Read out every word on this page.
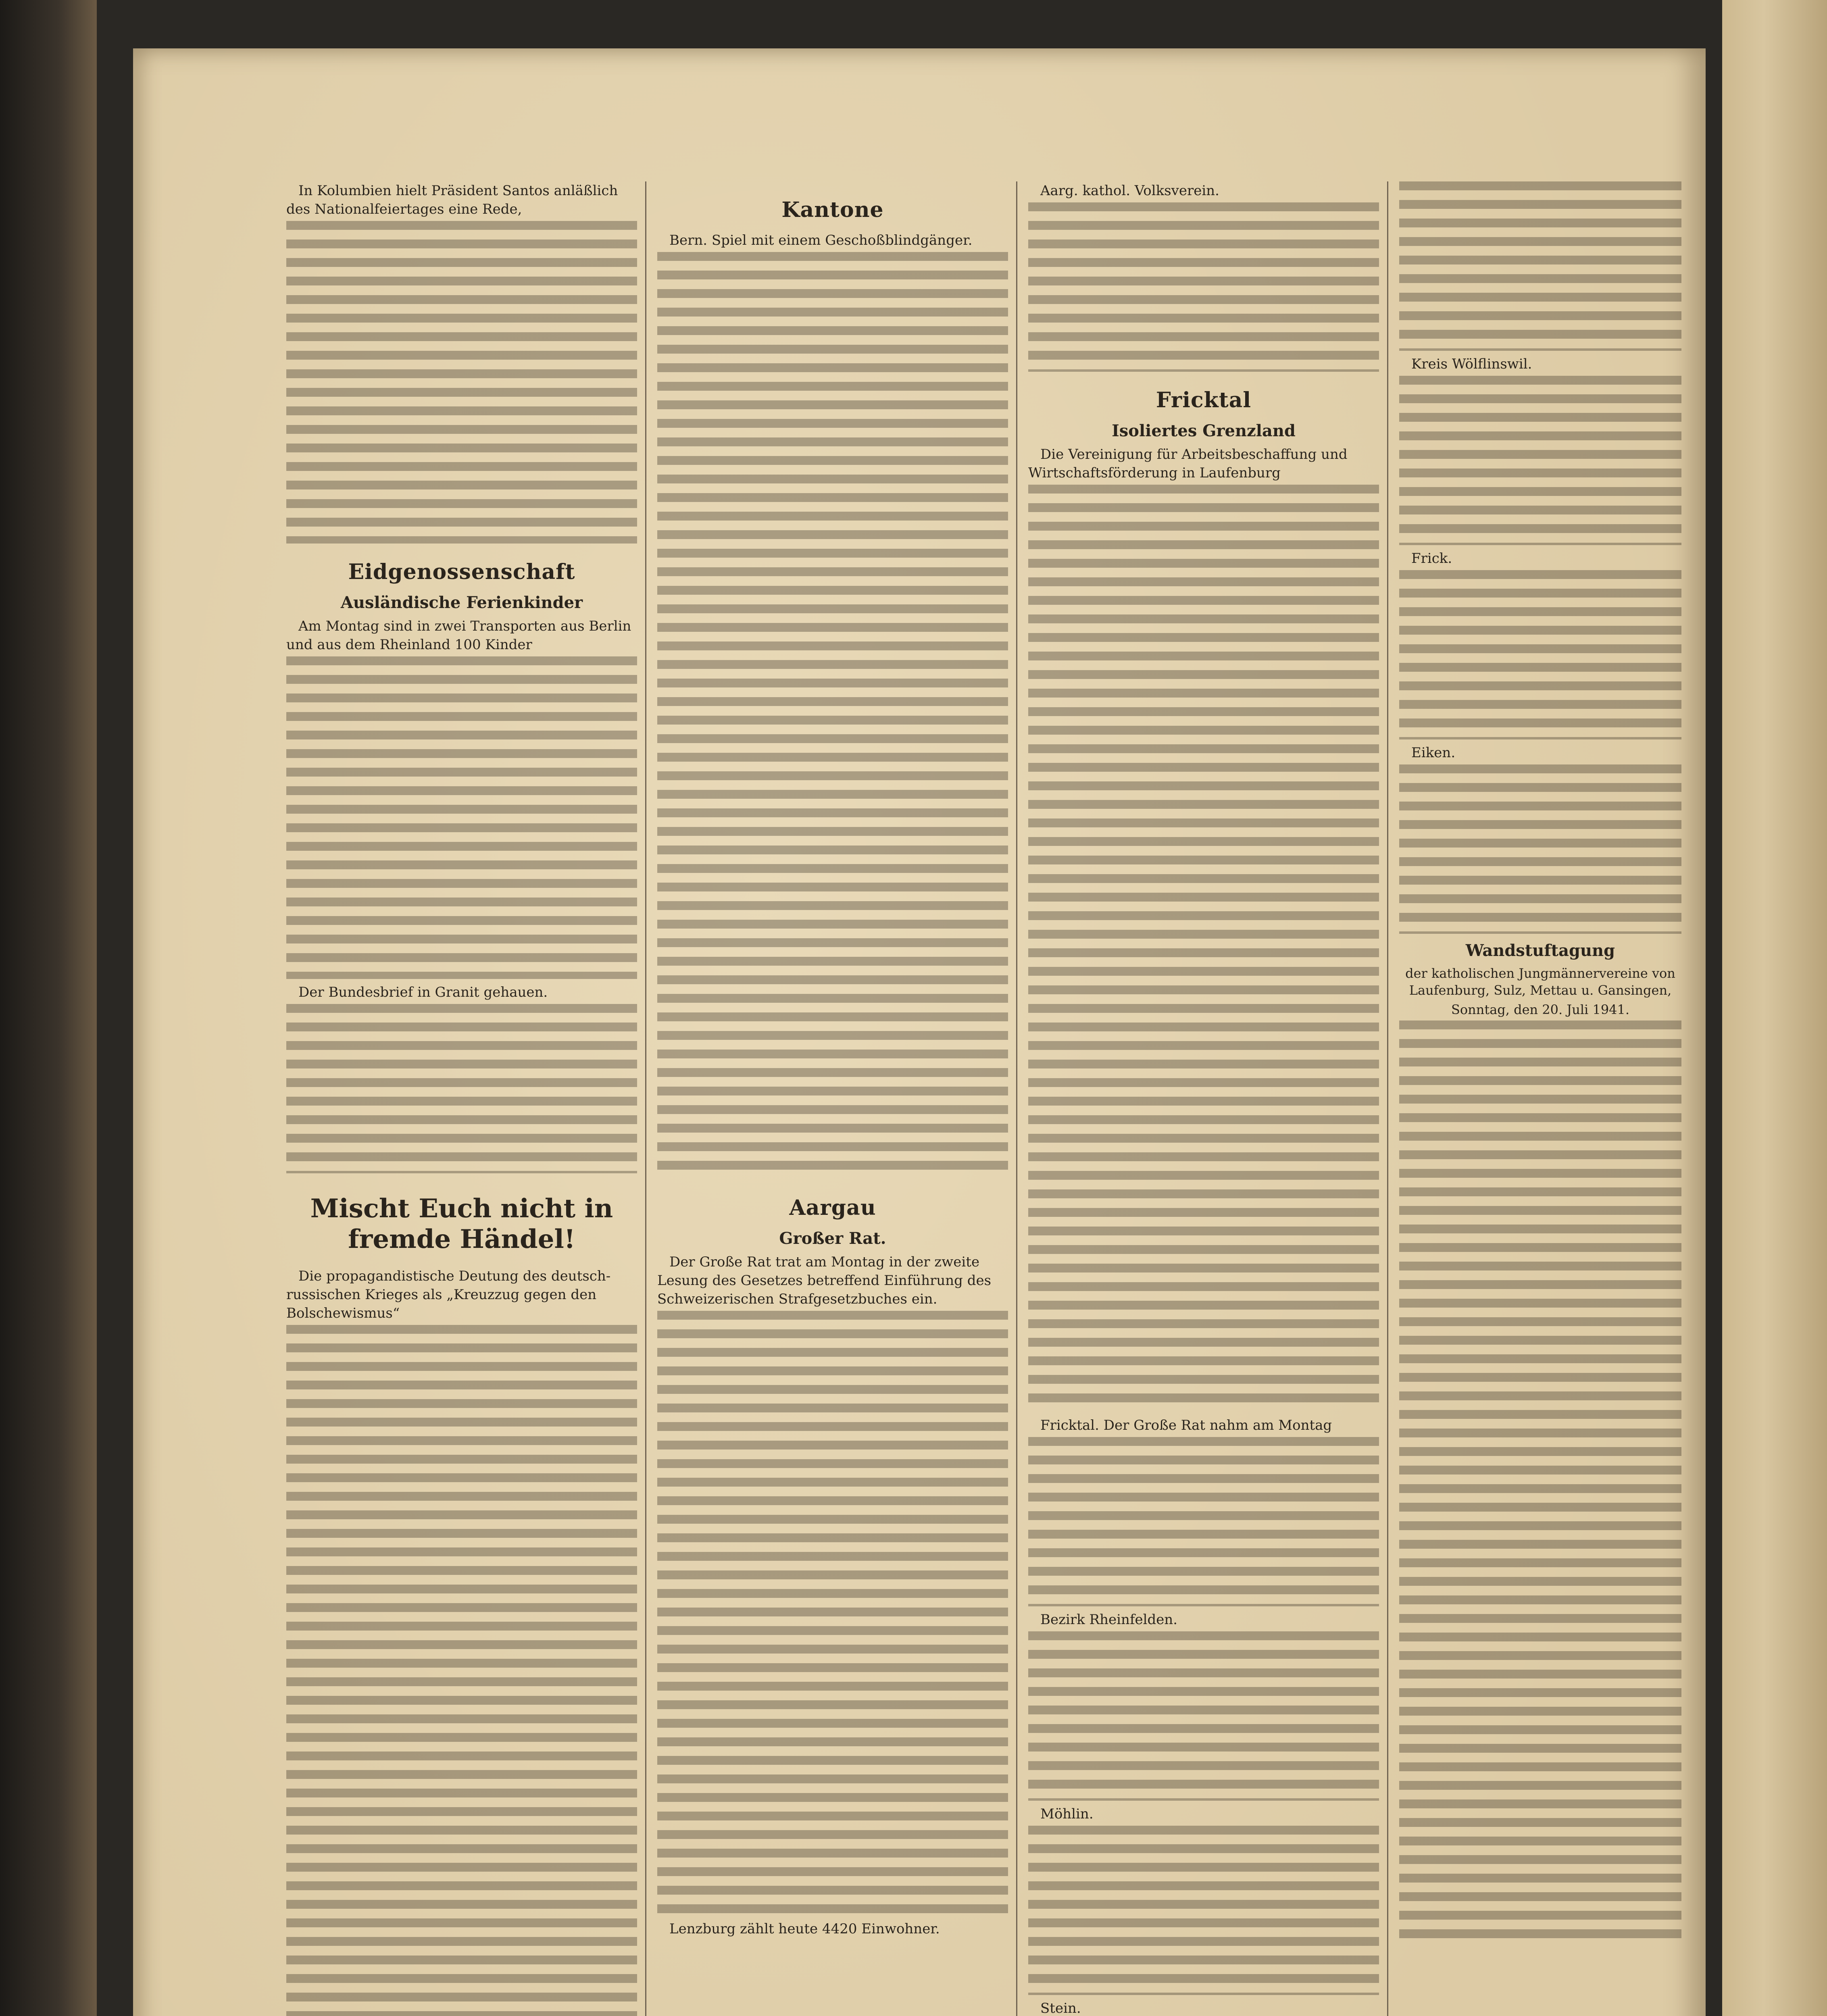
In Kolumbien hielt Präsident Santos anläßlich des Nationalfeiertages eine Rede,

Eidgenossenschaft
Ausländische Ferienkinder

Am Montag sind in zwei Transporten aus Berlin und aus dem Rheinland 100 Kinder

Der Bundesbrief in Granit gehauen.

Mischt Euch nicht in fremde Händel!

Die propagandistische Deutung des deutsch-russischen Krieges als „Kreuzzug gegen den Bolschewismus“

Kantone

Bern. Spiel mit einem Geschoßblindgänger.

Aargau
Großer Rat.

Der Große Rat trat am Montag in der zweite Lesung des Gesetzes betreffend Einführung des Schweizerischen Strafgesetzbuches ein.

Lenzburg zählt heute 4420 Einwohner.

Aarg. kathol. Volksverein.

Fricktal
Isoliertes Grenzland

Die Vereinigung für Arbeitsbeschaffung und Wirtschaftsförderung in Laufenburg

Fricktal. Der Große Rat nahm am Montag

Bezirk Rheinfelden.

Möhlin.

Stein.

Kreis Wölflinswil.

Frick.

Eiken.

Wandstuftagung
der katholischen Jungmännervereine von Laufenburg, Sulz, Mettau u. Gansingen,
Sonntag, den 20. Juli 1941.
